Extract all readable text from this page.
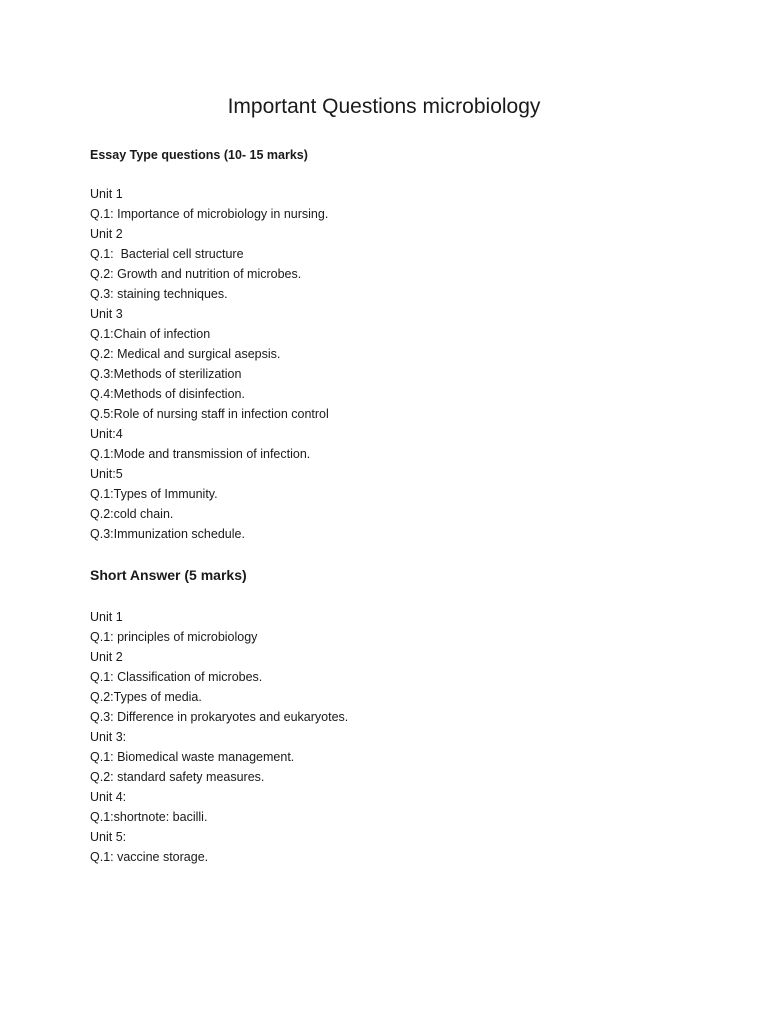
Important Questions microbiology
Essay Type questions (10- 15 marks)
Unit 1
Q.1: Importance of microbiology in nursing.
Unit 2
Q.1:  Bacterial cell structure
Q.2: Growth and nutrition of microbes.
Q.3: staining techniques.
Unit 3
Q.1:Chain of infection
Q.2: Medical and surgical asepsis.
Q.3:Methods of sterilization
Q.4:Methods of disinfection.
Q.5:Role of nursing staff in infection control
Unit:4
Q.1:Mode and transmission of infection.
Unit:5
Q.1:Types of Immunity.
Q.2:cold chain.
Q.3:Immunization schedule.
Short Answer (5 marks)
Unit 1
Q.1: principles of microbiology
Unit 2
Q.1: Classification of microbes.
Q.2:Types of media.
Q.3: Difference in prokaryotes and eukaryotes.
Unit 3:
Q.1: Biomedical waste management.
Q.2: standard safety measures.
Unit 4:
Q.1:shortnote: bacilli.
Unit 5:
Q.1: vaccine storage.
